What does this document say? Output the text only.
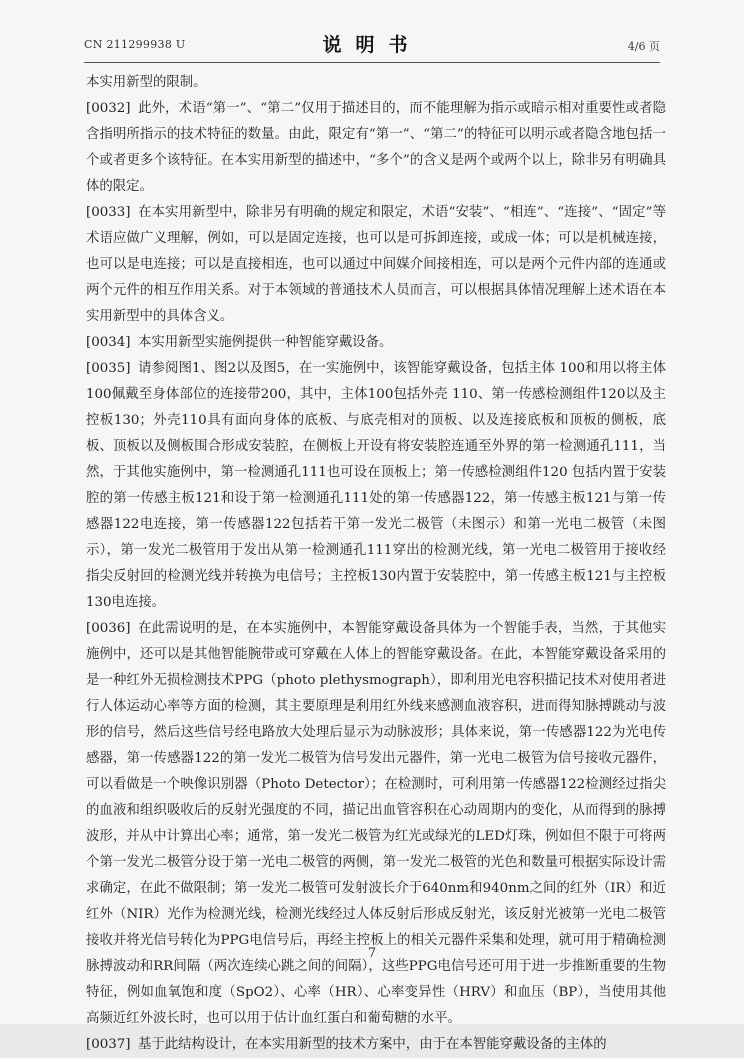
CN 211299938 U	说明书	4/6 页

本实用新型的限制。

[0032] 此外，术语“第一”、“第二”仅用于描述目的，而不能理解为指示或暗示相对重要性或者隐含指明所指示的技术特征的数量。由此，限定有“第一”、“第二”的特征可以明示或者隐含地包括一个或者更多个该特征。在本实用新型的描述中，“多个”的含义是两个或两个以上，除非另有明确具体的限定。

[0033] 在本实用新型中，除非另有明确的规定和限定，术语“安装”、“相连”、“连接”、“固定”等术语应做广义理解，例如，可以是固定连接，也可以是可拆卸连接，或成一体；可以是机械连接，也可以是电连接；可以是直接相连，也可以通过中间媒介间接相连，可以是两个元件内部的连通或两个元件的相互作用关系。对于本领域的普通技术人员而言，可以根据具体情况理解上述术语在本实用新型中的具体含义。

[0034] 本实用新型实施例提供一种智能穿戴设备。

[0035] 请参阅图1、图2以及图5，在一实施例中，该智能穿戴设备，包括主体 100和用以将主体100佩戴至身体部位的连接带200，其中，主体100包括外壳 110、第一传感检测组件120以及主控板130；外壳110具有面向身体的底板、与底壳相对的顶板、以及连接底板和顶板的侧板，底板、顶板以及侧板围合形成安装腔，在侧板上开设有将安装腔连通至外界的第一检测通孔111，当然，于其他实施例中，第一检测通孔111也可设在顶板上；第一传感检测组件120 包括内置于安装腔的第一传感主板121和设于第一检测通孔111处的第一传感器122，第一传感主板121与第一传感器122电连接，第一传感器122包括若干第一发光二极管（未图示）和第一光电二极管（未图示），第一发光二极管用于发出从第一检测通孔111穿出的检测光线，第一光电二极管用于接收经指尖反射回的检测光线并转换为电信号；主控板130内置于安装腔中，第一传感主板121与主控板130电连接。

[0036] 在此需说明的是，在本实施例中，本智能穿戴设备具体为一个智能手表，当然，于其他实施例中，还可以是其他智能腕带或可穿戴在人体上的智能穿戴设备。在此，本智能穿戴设备采用的是一种红外无损检测技术PPG（photo plethysmograph），即利用光电容积描记技术对使用者进行人体运动心率等方面的检测，其主要原理是利用红外线来感测血液容积，进而得知脉搏跳动与波形的信号，然后这些信号经电路放大处理后显示为动脉波形；具体来说，第一传感器122为光电传感器，第一传感器122的第一发光二极管为信号发出元器件，第一光电二极管为信号接收元器件，可以看做是一个映像识别器（Photo Detector）；在检测时，可利用第一传感器122检测经过指尖的血液和组织吸收后的反射光强度的不同，描记出血管容积在心动周期内的变化，从而得到的脉搏波形，并从中计算出心率；通常，第一发光二极管为红光或绿光的LED灯珠，例如但不限于可将两个第一发光二极管分设于第一光电二极管的两侧，第一发光二极管的光色和数量可根据实际设计需求确定，在此不做限制；第一发光二极管可发射波长介于640nm和940nm之间的红外（IR）和近红外（NIR）光作为检测光线，检测光线经过人体反射后形成反射光，该反射光被第一光电二极管接收并将光信号转化为PPG电信号后，再经主控板上的相关元器件采集和处理，就可用于精确检测脉搏波动和RR间隔（两次连续心跳之间的间隔），这些PPG电信号还可用于进一步推断重要的生物特征，例如血氧饱和度（SpO2）、心率（HR）、心率变异性（HRV）和血压（BP），当使用其他高频近红外波长时，也可以用于估计血红蛋白和葡萄糖的水平。

[0037] 基于此结构设计，在本实用新型的技术方案中，由于在本智能穿戴设备的主体的

7
